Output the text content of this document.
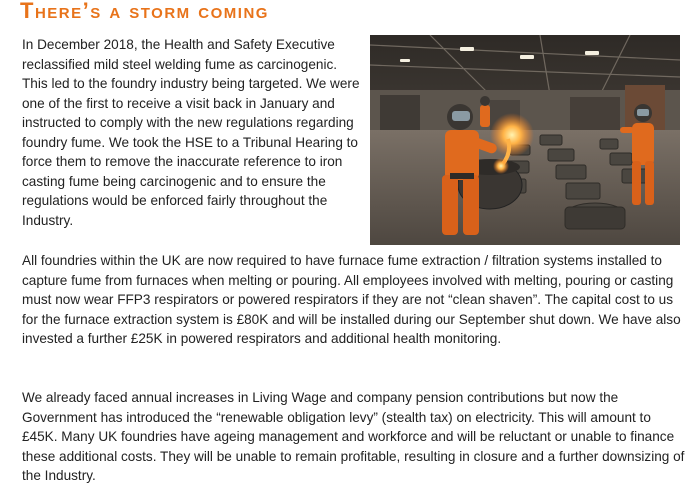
There’s a storm coming

In December 2018, the Health and Safety Executive reclassified mild steel welding fume as carcinogenic. This led to the foundry industry being targeted. We were one of the first to receive a visit back in January and instructed to comply with the new regulations regarding foundry fume. We took the HSE to a Tribunal Hearing to force them to remove the inaccurate reference to iron casting fume being carcinogenic and to ensure the regulations would be enforced fairly throughout the Industry.

All foundries within the UK are now required to have furnace fume extraction / filtration systems installed to capture fume from furnaces when melting or pouring. All employees involved with melting, pouring or casting must now wear FFP3 respirators or powered respirators if they are not “clean shaven”. The capital cost to us for the furnace extraction system is £80K and will be installed during our September shut down. We have also invested a further £25K in powered respirators and additional health monitoring.

We already faced annual increases in Living Wage and company pension contributions but now the Government has introduced the “renewable obligation levy” (stealth tax) on electricity. This will amount to £45K. Many UK foundries have ageing management and workforce and will be reluctant or unable to finance these additional costs. They will be unable to remain profitable, resulting in closure and a further downsizing of the Industry.
